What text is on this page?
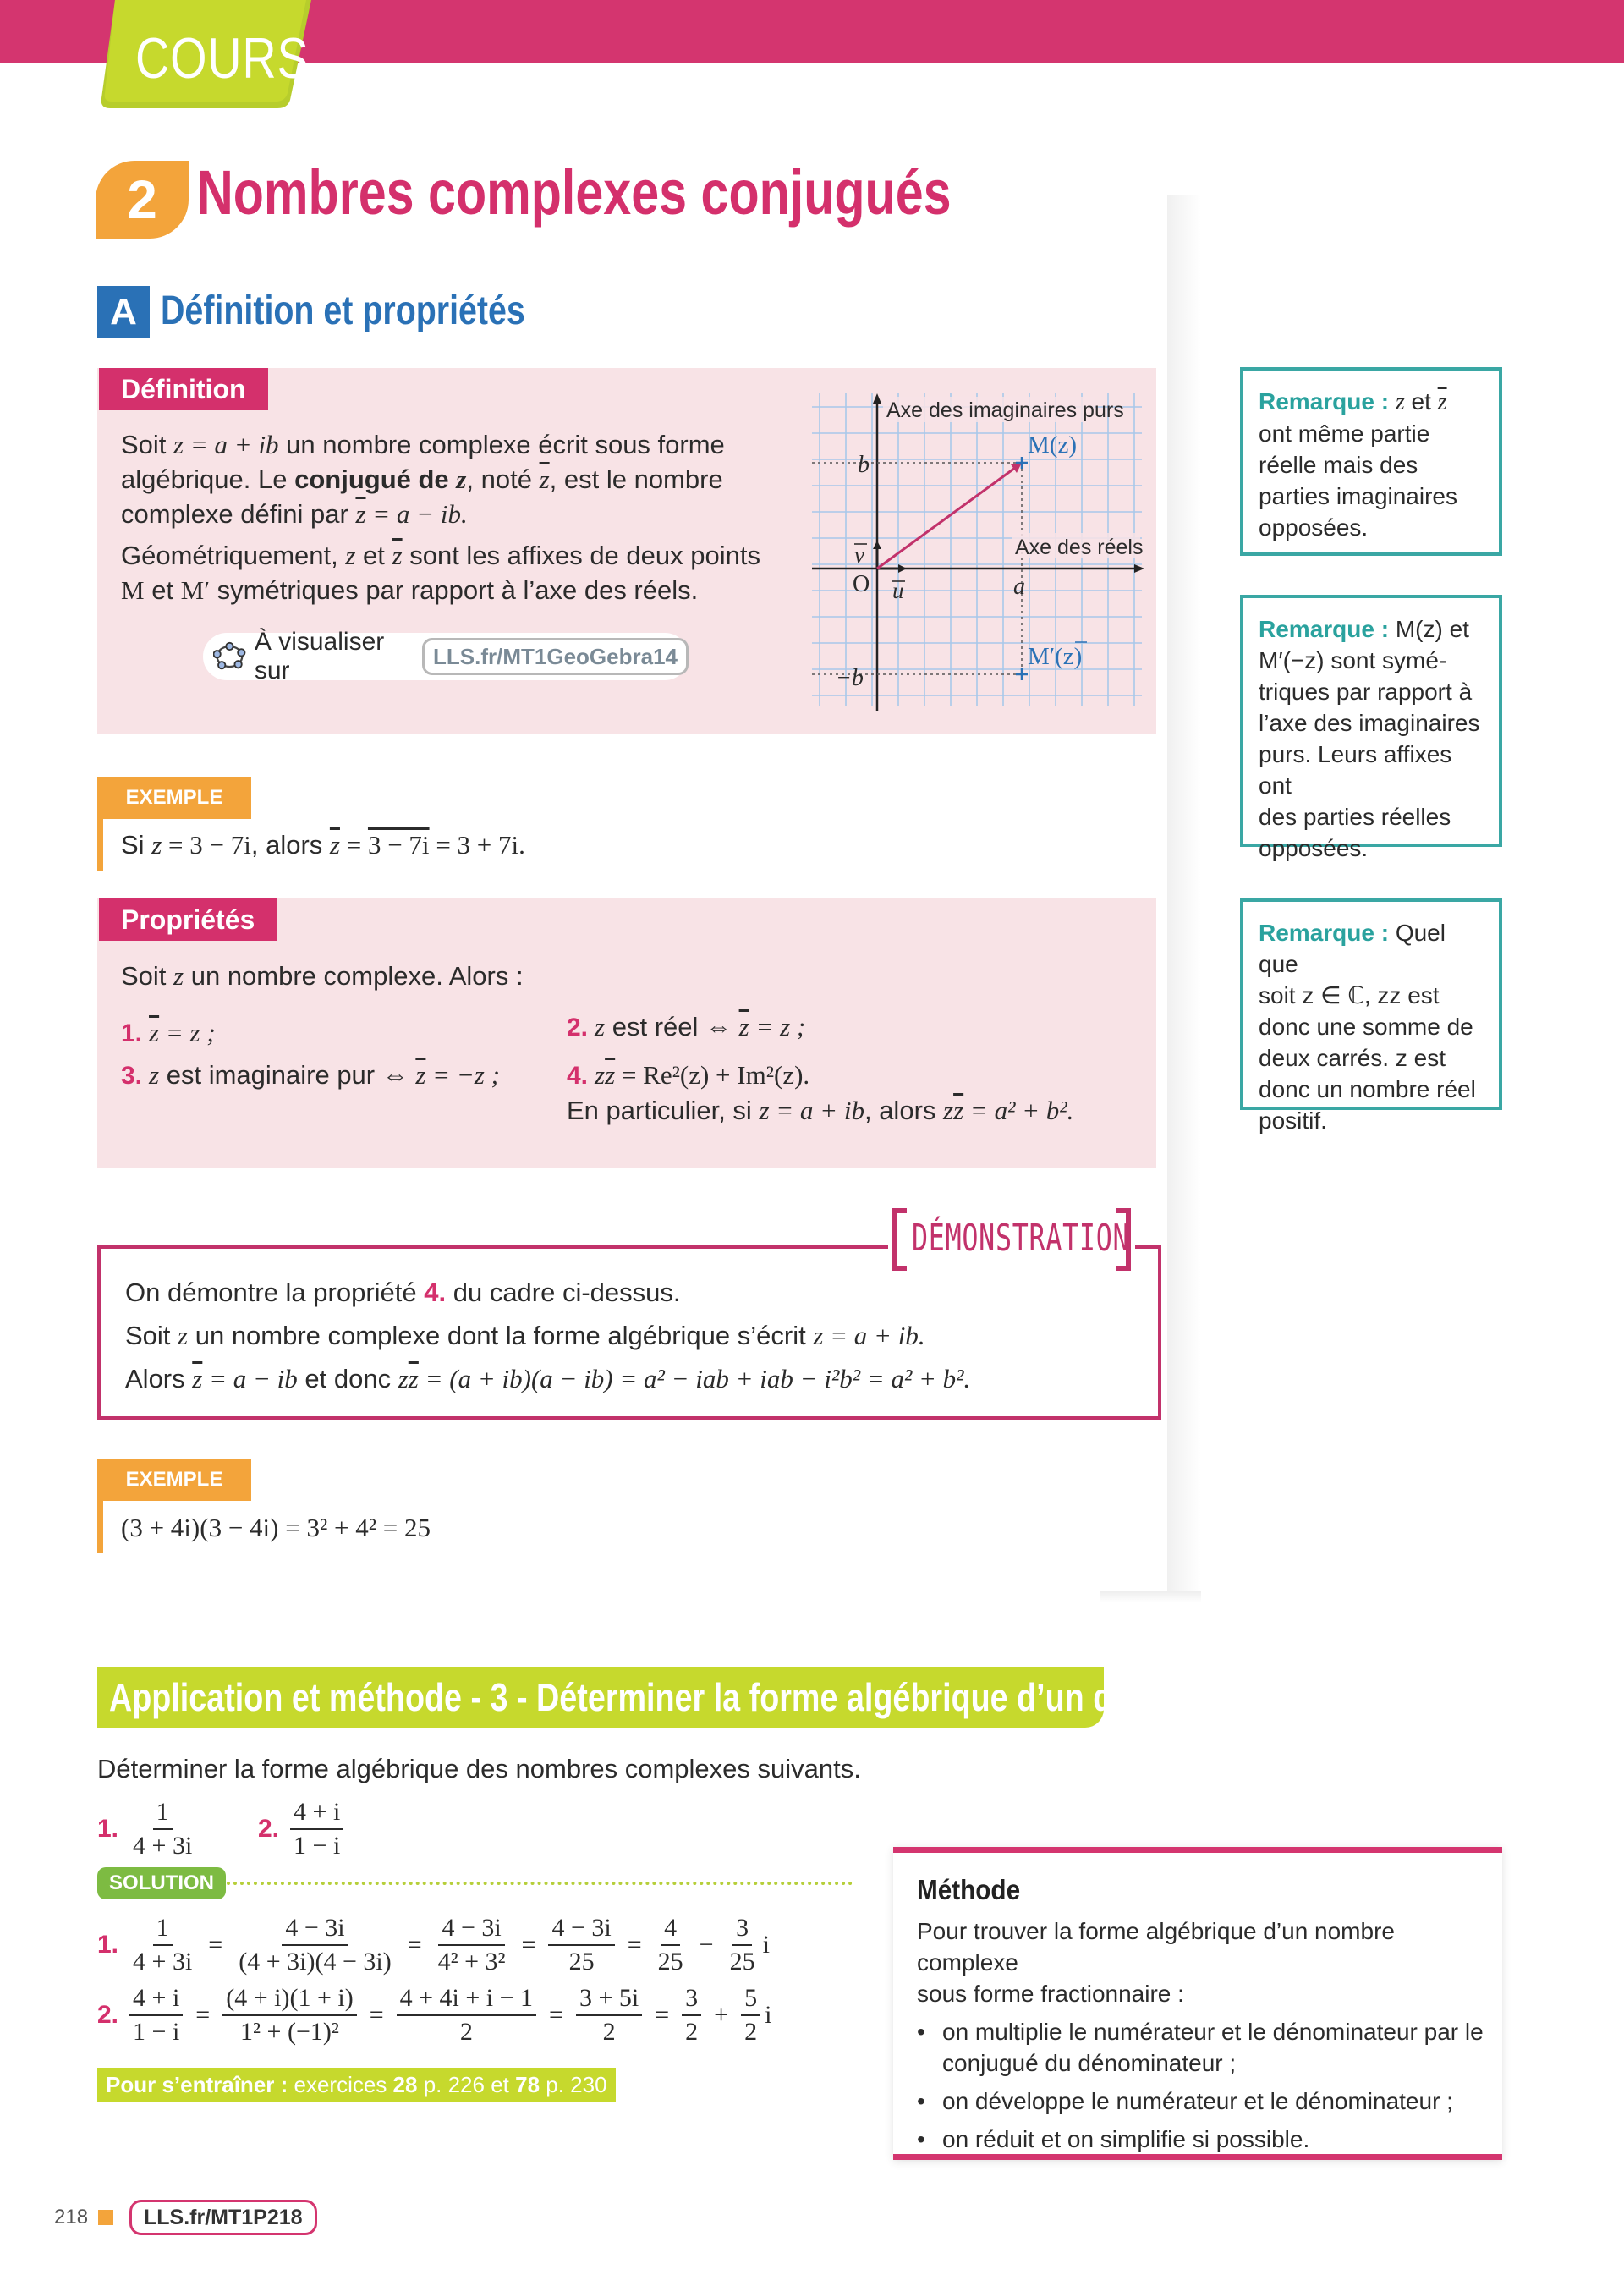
COURS
2 Nombres complexes conjugués
A Définition et propriétés
Définition
Soit z = a + ib un nombre complexe écrit sous forme
algébrique. Le conjugué de z, noté $\overline{z}$, est le nombre
complexe défini par $\overline{z} = a$ − ib.
Géométriquement, z et $\overline{z}$ sont les affixes de deux points
M et M′ symétriques par rapport à l’axe des réels.
À visualiser sur	LLS.fr/MT1GeoGebra14
Axe des imaginaires purs
Axe des réels
b
−b
a
O u
v
M(z)
M′(z)
EXEMPLE
Si z = 3 − 7i, alors $\overline{z} = 3 - 7i = 3 + 7i$.
Propriétés
Soit z un nombre complexe. Alors :
1. $\overline{z} = z$ ;
3. z est imaginaire pur ⇔ $\overline{z} = -z$ ;
2. z est réel ⇔ $\overline{z} = z$ ;
4. $z\overline{z} = Re^2(z) + Im^2(z)$.
En particulier, si z = a + ib, alors $z\overline{z} = a^2 + b^2$.
DÉMONSTRATION
On démontre la propriété 4. du cadre ci-dessus.
Soit z un nombre complexe dont la forme algébrique s’écrit z = a + ib.
Alors $\overline{z} = a$ − ib et donc $z\overline{z} = (a + ib)(a - ib) = a^2$ − iab + iab − i²b² = a² + b².
EXEMPLE
(3 + 4i)(3 − 4i) = 3² + 4² = 25
Remarque : z et $\overline{z}$
ont même partie
réelle mais des
parties imaginaires
opposées.
Remarque : M(z) et
M′(−z) sont symé-
triques par rapport à
l’axe des imaginaires
purs. Leurs affixes ont
des parties réelles
opposées.
Remarque : Quel que
soit z ∈ ℂ, zz est
donc une somme de
deux carrés. z est
donc un nombre réel
positif.
Application et méthode - 3 - Déterminer la forme algébrique d’un quotient
Déterminer la forme algébrique des nombres complexes suivants.
1. $\frac{1}{4 + 3i} 2$. $\frac{4 + i}{1 - i}$
SOLUTION
1. $\frac{1}{4 + 3i} = \frac{4 - 3i}{(4 + 3i)(4 - 3i)} = \frac{4 - 3i}{\text{4² + 3²}} = \frac{4 - 3i}{25} = \frac{4}{25} - \frac{3}{25}$ i
2. $\frac{4 + i}{1 - i} = \frac{(4 + i)(1 + i)}{\text{1² + (−1)²}} = \frac{4 + 4i + i - 1}{2} = \frac{3 + 5i}{2} = \frac{3}{2} + \frac{5}{2}$ i
Pour s’entraîner : exercices 28 p. 226 et 78 p. 230
Méthode
Pour trouver la forme algébrique d’un nombre complexe
sous forme fractionnaire :
• on multiplie le numérateur et le dénominateur par le
conjugué du dénominateur ;
• on développe le numérateur et le dénominateur ;
• on réduit et on simplifie si possible.
218	LLS.fr/MT1P218
